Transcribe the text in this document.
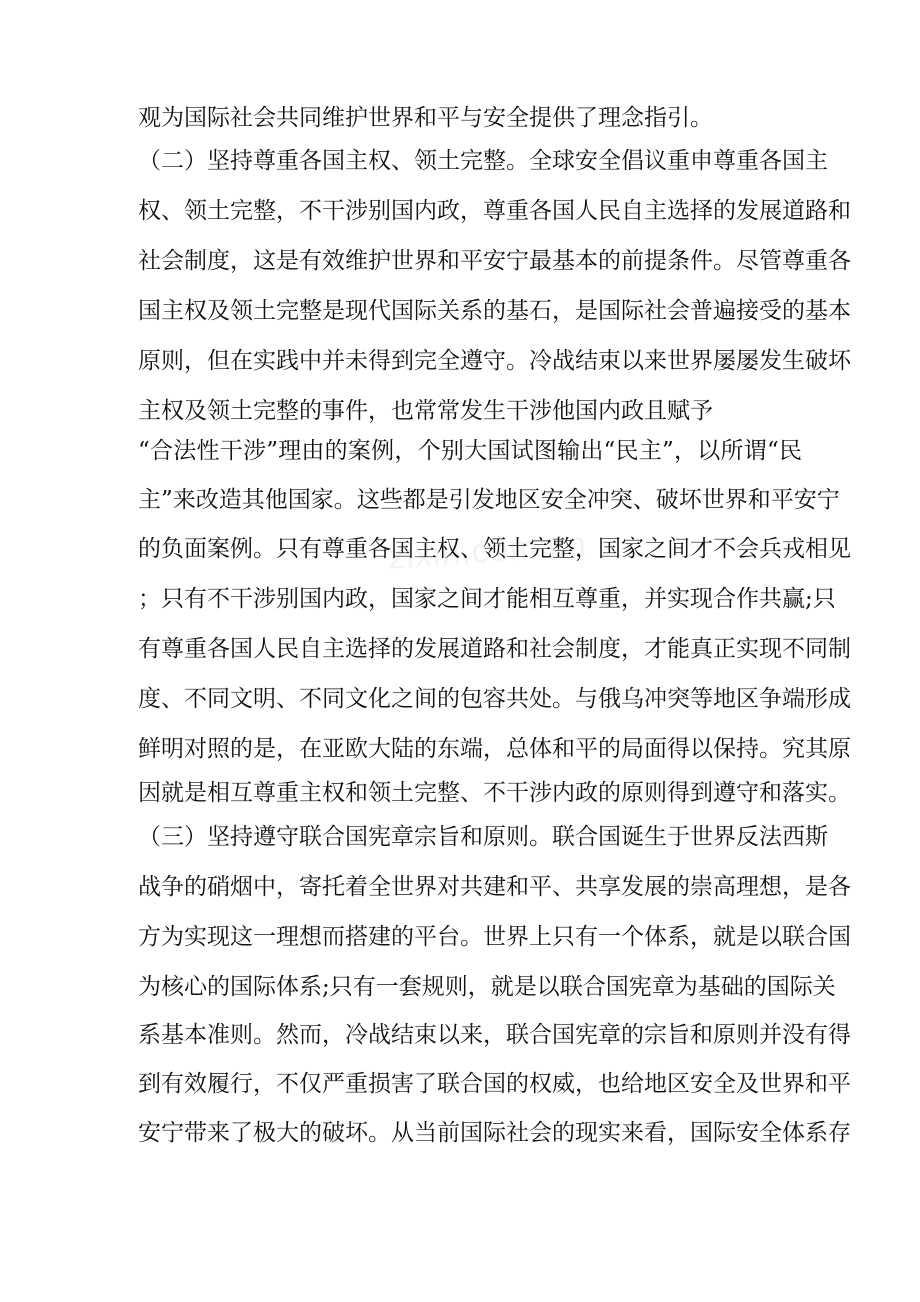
观为国际社会共同维护世界和平与安全提供了理念指引。
（二）坚持尊重各国主权、领土完整。全球安全倡议重申尊重各国主
权、领土完整，不干涉别国内政，尊重各国人民自主选择的发展道路和
社会制度，这是有效维护世界和平安宁最基本的前提条件。尽管尊重各
国主权及领土完整是现代国际关系的基石，是国际社会普遍接受的基本
原则，但在实践中并未得到完全遵守。冷战结束以来世界屡屡发生破坏
主权及领土完整的事件，也常常发生干涉他国内政且赋予
“合法性干涉”理由的案例，个别大国试图输出“民主”，以所谓“民
主”来改造其他国家。这些都是引发地区安全冲突、破坏世界和平安宁
的负面案例。只有尊重各国主权、领土完整，国家之间才不会兵戎相见
；只有不干涉别国内政，国家之间才能相互尊重，并实现合作共赢;只
有尊重各国人民自主选择的发展道路和社会制度，才能真正实现不同制
度、不同文明、不同文化之间的包容共处。与俄乌冲突等地区争端形成
鲜明对照的是，在亚欧大陆的东端，总体和平的局面得以保持。究其原
因就是相互尊重主权和领土完整、不干涉内政的原则得到遵守和落实。
（三）坚持遵守联合国宪章宗旨和原则。联合国诞生于世界反法西斯
战争的硝烟中，寄托着全世界对共建和平、共享发展的崇高理想，是各
方为实现这一理想而搭建的平台。世界上只有一个体系，就是以联合国
为核心的国际体系;只有一套规则，就是以联合国宪章为基础的国际关
系基本准则。然而，冷战结束以来，联合国宪章的宗旨和原则并没有得
到有效履行，不仅严重损害了联合国的权威，也给地区安全及世界和平
安宁带来了极大的破坏。从当前国际社会的现实来看，国际安全体系存
